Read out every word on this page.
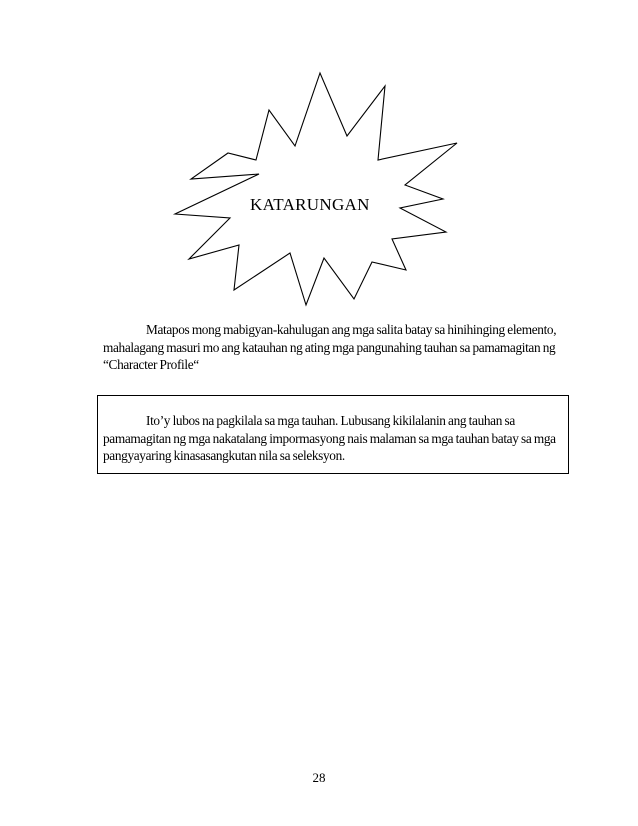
KATARUNGAN

Matapos mong mabigyan-kahulugan ang mga salita batay sa hinihinging elemento, mahalagang masuri mo ang katauhan ng ating mga pangunahing tauhan sa pamamagitan ng “Character Profile“

Ito’y lubos na pagkilala sa mga tauhan. Lubusang kikilalanin ang tauhan sa pamamagitan ng mga nakatalang impormasyong nais malaman sa mga tauhan batay sa mga pangyayaring kinasasangkutan nila sa seleksyon.

28
